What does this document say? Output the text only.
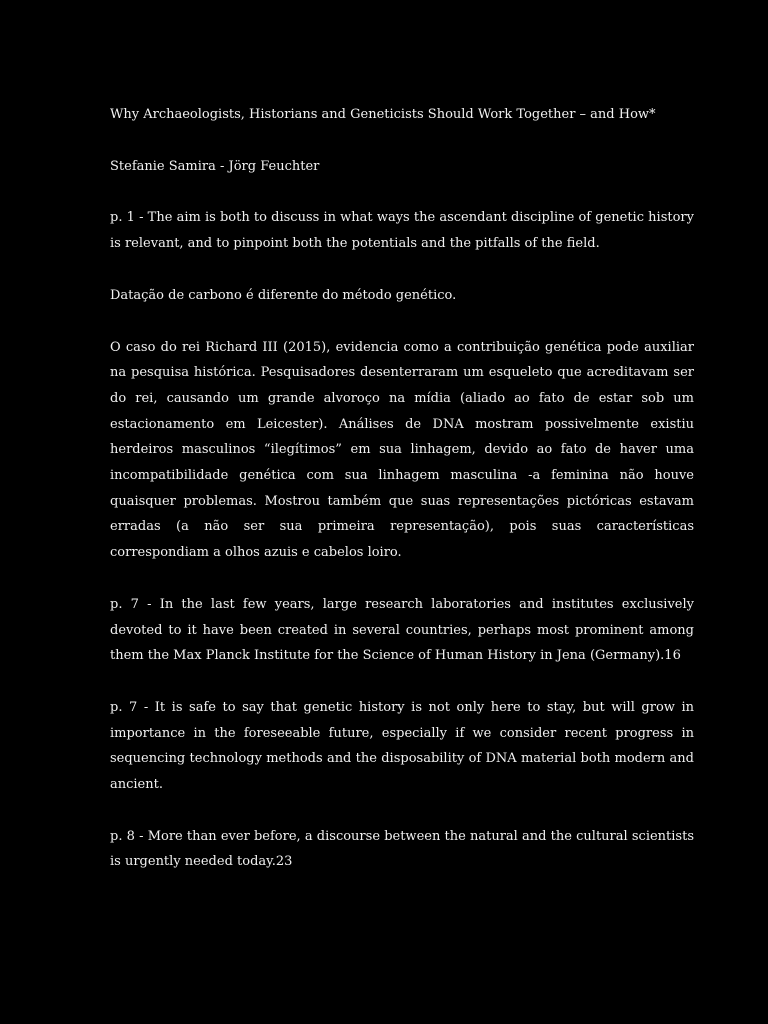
Why Archaeologists, Historians and Geneticists Should Work Together – and How*

Stefanie Samira - Jörg Feuchter

p. 1 - The aim is both to discuss in what ways the ascendant discipline of genetic history is relevant, and to pinpoint both the potentials and the pitfalls of the field.

Datação de carbono é diferente do método genético.

O caso do rei Richard III (2015), evidencia como a contribuição genética pode auxiliar na pesquisa histórica. Pesquisadores desenterraram um esqueleto que acreditavam ser do rei, causando um grande alvoroço na mídia (aliado ao fato de estar sob um estacionamento em Leicester). Análises de DNA mostram possivelmente existiu herdeiros masculinos “ilegítimos” em sua linhagem, devido ao fato de haver uma incompatibilidade genética com sua linhagem masculina -a feminina não houve quaisquer problemas. Mostrou também que suas representações pictóricas estavam erradas (a não ser sua primeira representação), pois suas características correspondiam a olhos azuis e cabelos loiro.

p. 7 - In the last few years, large research laboratories and institutes exclusively devoted to it have been created in several countries, perhaps most prominent among them the Max Planck Institute for the Science of Human History in Jena (Germany).16

p. 7 - It is safe to say that genetic history is not only here to stay, but will grow in importance in the foreseeable future, especially if we consider recent progress in sequencing technology methods and the disposability of DNA material both modern and ancient.

p. 8 - More than ever before, a discourse between the natural and the cultural scientists is urgently needed today.23
